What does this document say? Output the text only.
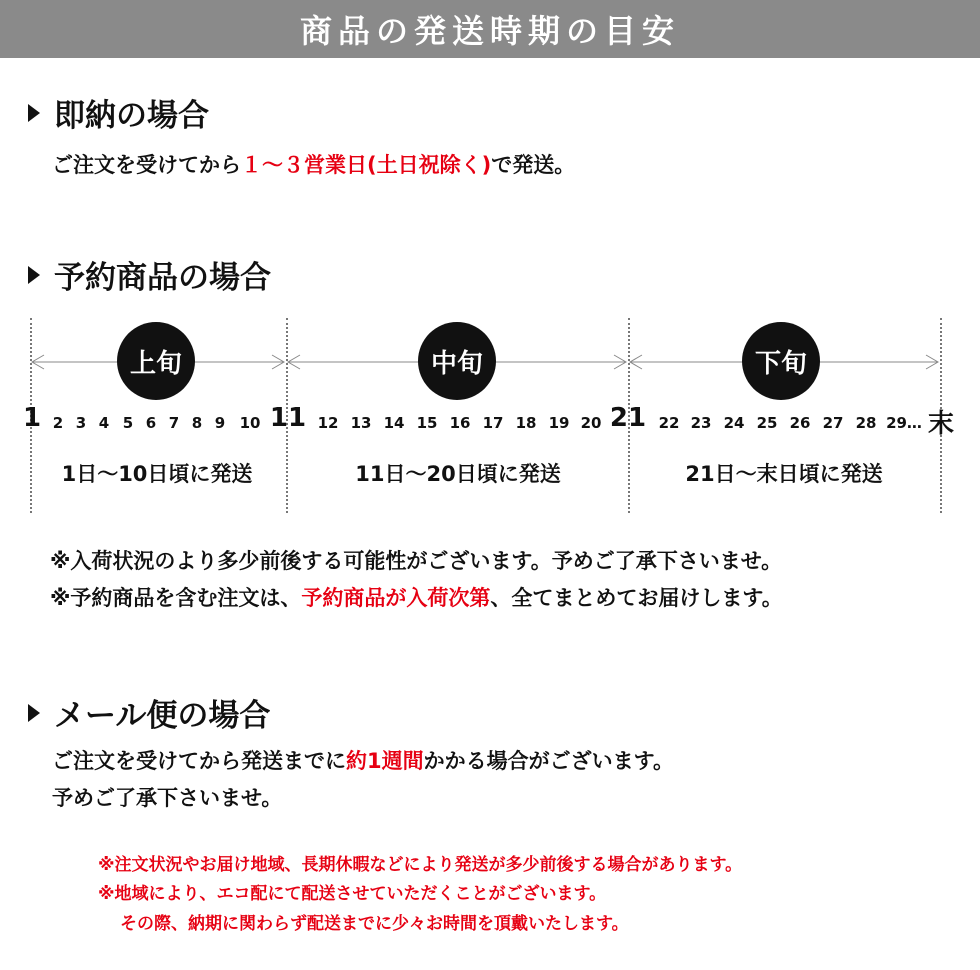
商品の発送時期の目安
即納の場合
ご注文を受けてから１～３営業日(土日祝除く)で発送。
予約商品の場合
上旬	中旬	下旬
1 2 3 4 5 6 7 8 9 10 11 12 13 14 15 16 17 18 19 20 21 22 23 24 25 26 27 28 29… 末
1日〜10日頃に発送	11日〜20日頃に発送	21日〜末日頃に発送
※入荷状況のより多少前後する可能性がございます。予めご了承下さいませ。
※予約商品を含む注文は、予約商品が入荷次第、全てまとめてお届けします。
メール便の場合
ご注文を受けてから発送までに約1週間かかる場合がございます。
予めご了承下さいませ。
※注文状況やお届け地域、長期休暇などにより発送が多少前後する場合があります。
※地域により、エコ配にて配送させていただくことがございます。
その際、納期に関わらず配送までに少々お時間を頂戴いたします。
